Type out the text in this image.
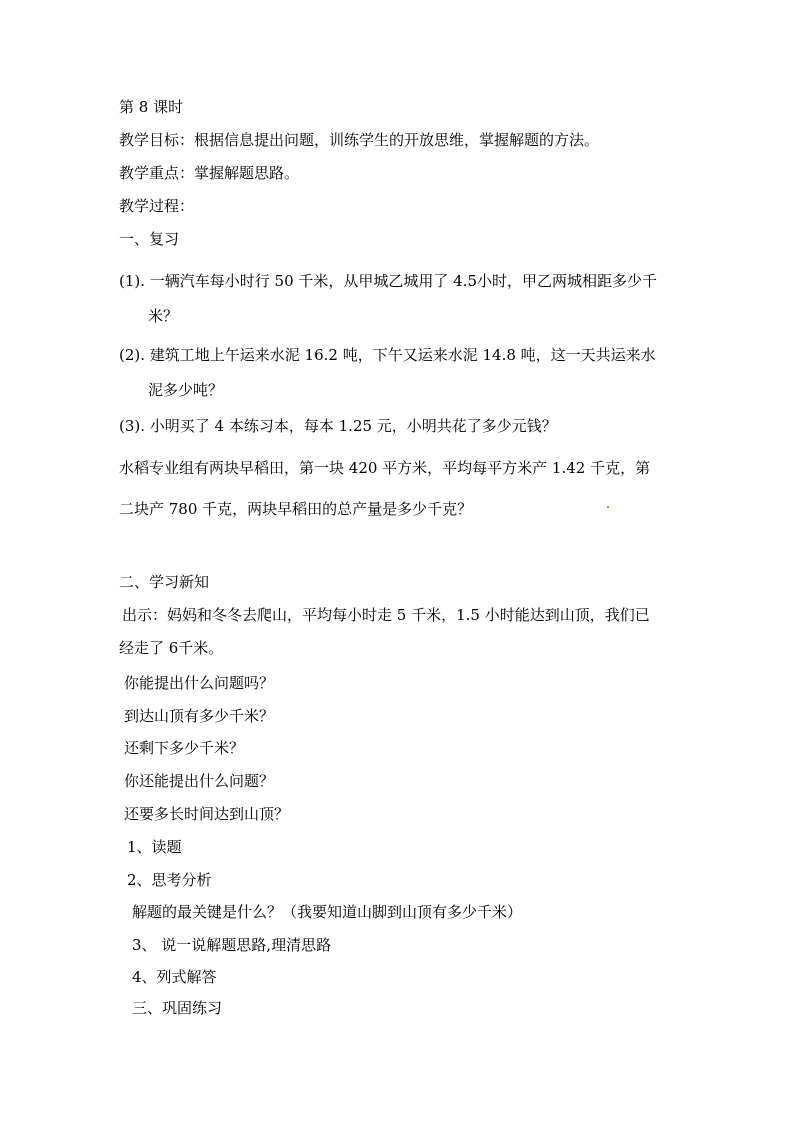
第 8 课时
教学目标：根据信息提出问题，训练学生的开放思维，掌握解题的方法。
教学重点：掌握解题思路。
教学过程：
一、复习
(1). 一辆汽车每小时行 50 千米，从甲城乙城用了 4.5小时，甲乙两城相距多少千
米？
(2). 建筑工地上午运来水泥 16.2 吨，下午又运来水泥 14.8 吨，这一天共运来水
泥多少吨？
(3). 小明买了 4 本练习本，每本 1.25 元，小明共花了多少元钱？
水稻专业组有两块早稻田，第一块 420 平方米，平均每平方米产 1.42 千克，第
二块产 780 千克，两块早稻田的总产量是多少千克？
二、学习新知
出示：妈妈和冬冬去爬山，平均每小时走 5 千米，1.5 小时能达到山顶，我们已
经走了 6千米。
你能提出什么问题吗？
到达山顶有多少千米？
还剩下多少千米？
你还能提出什么问题？
还要多长时间达到山顶？
1、读题
2、思考分析
解题的最关键是什么？（我要知道山脚到山顶有多少千米）
3、 说一说解题思路,理清思路
4、列式解答
三、巩固练习
